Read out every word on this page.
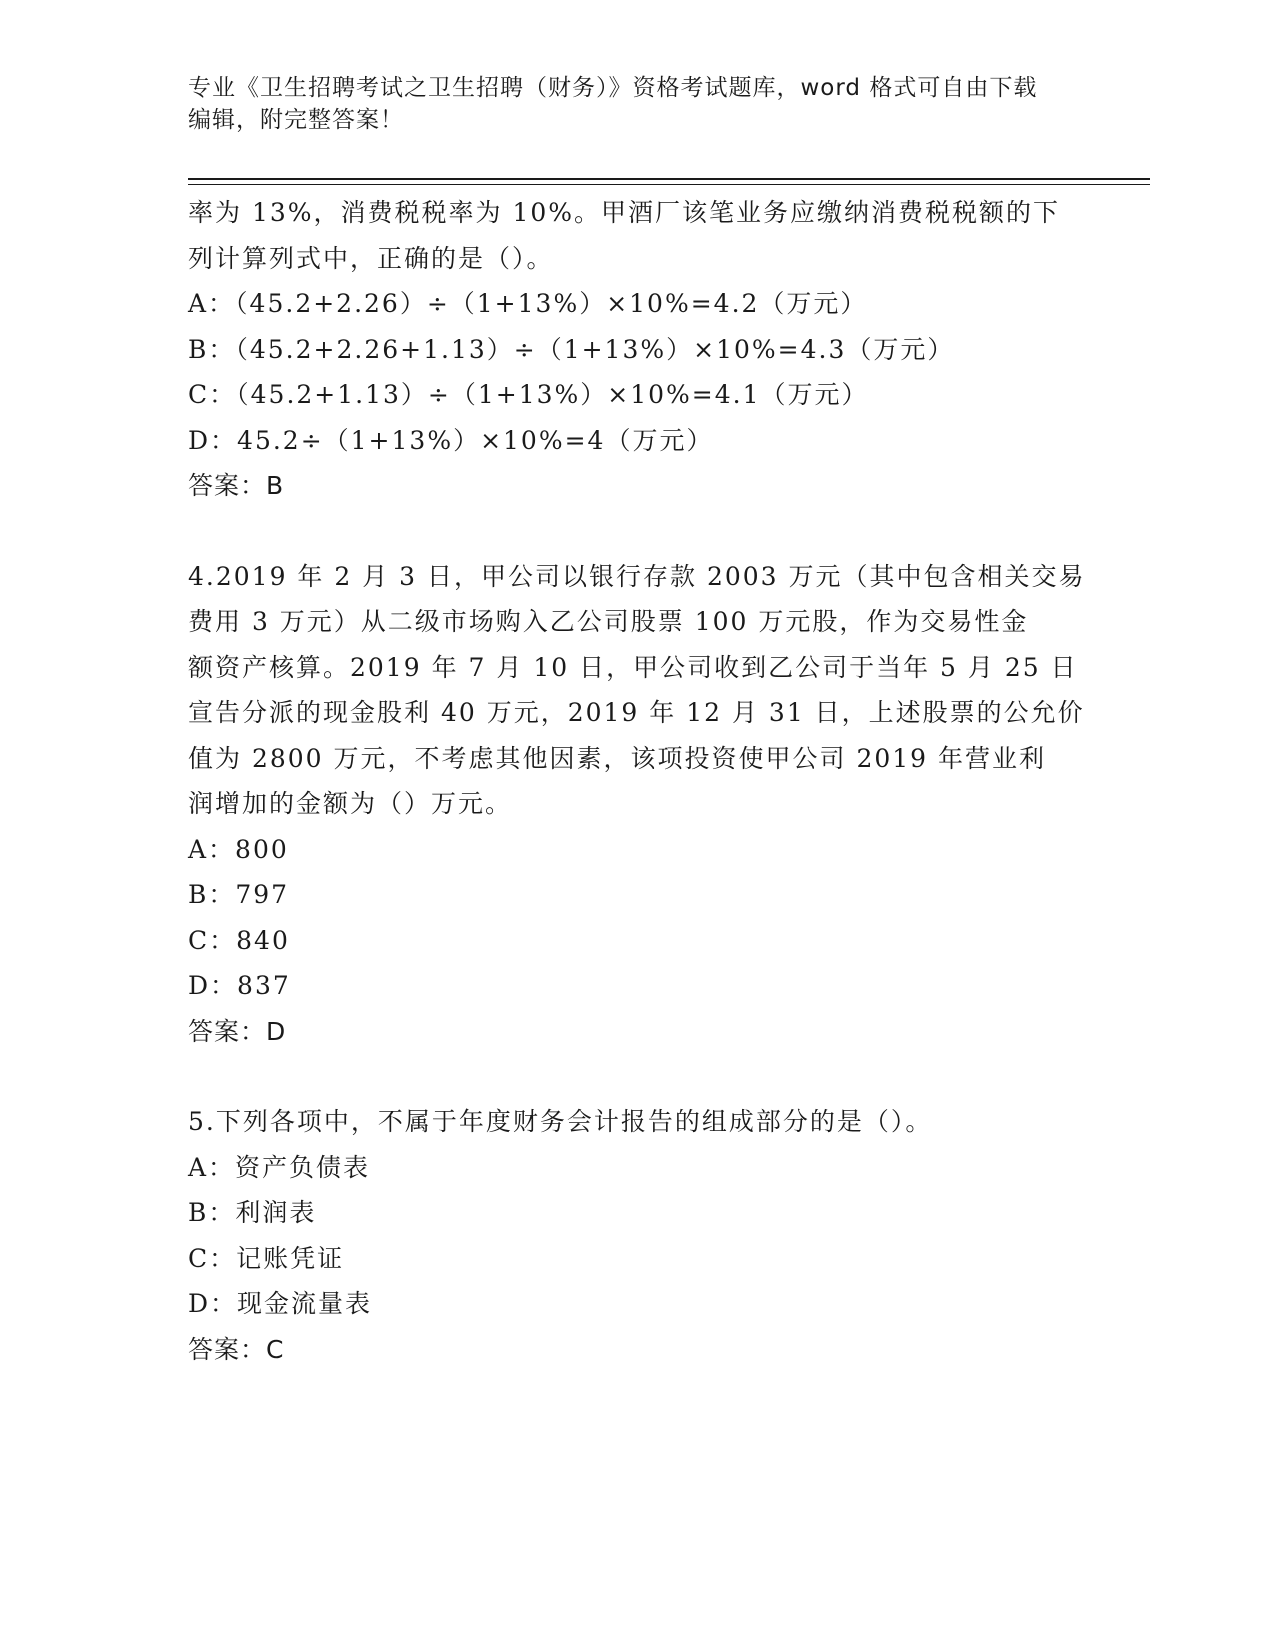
专业《卫生招聘考试之卫生招聘（财务）》资格考试题库，word 格式可自由下载
编辑，附完整答案！
率为 13%，消费税税率为 10%。甲酒厂该笔业务应缴纳消费税税额的下
列计算列式中，正确的是（）。
A：（45.2+2.26）÷（1+13%）×10%=4.2（万元）
B：（45.2+2.26+1.13）÷（1+13%）×10%=4.3（万元）
C：（45.2+1.13）÷（1+13%）×10%=4.1（万元）
D：45.2÷（1+13%）×10%=4（万元）
答案：B
4.2019 年 2 月 3 日，甲公司以银行存款 2003 万元（其中包含相关交易
费用 3 万元）从二级市场购入乙公司股票 100 万元股，作为交易性金
额资产核算。2019 年 7 月 10 日，甲公司收到乙公司于当年 5 月 25 日
宣告分派的现金股利 40 万元，2019 年 12 月 31 日，上述股票的公允价
值为 2800 万元，不考虑其他因素，该项投资使甲公司 2019 年营业利
润增加的金额为（）万元。
A：800
B：797
C：840
D：837
答案：D
5.下列各项中，不属于年度财务会计报告的组成部分的是（）。
A：资产负债表
B：利润表
C：记账凭证
D：现金流量表
答案：C
